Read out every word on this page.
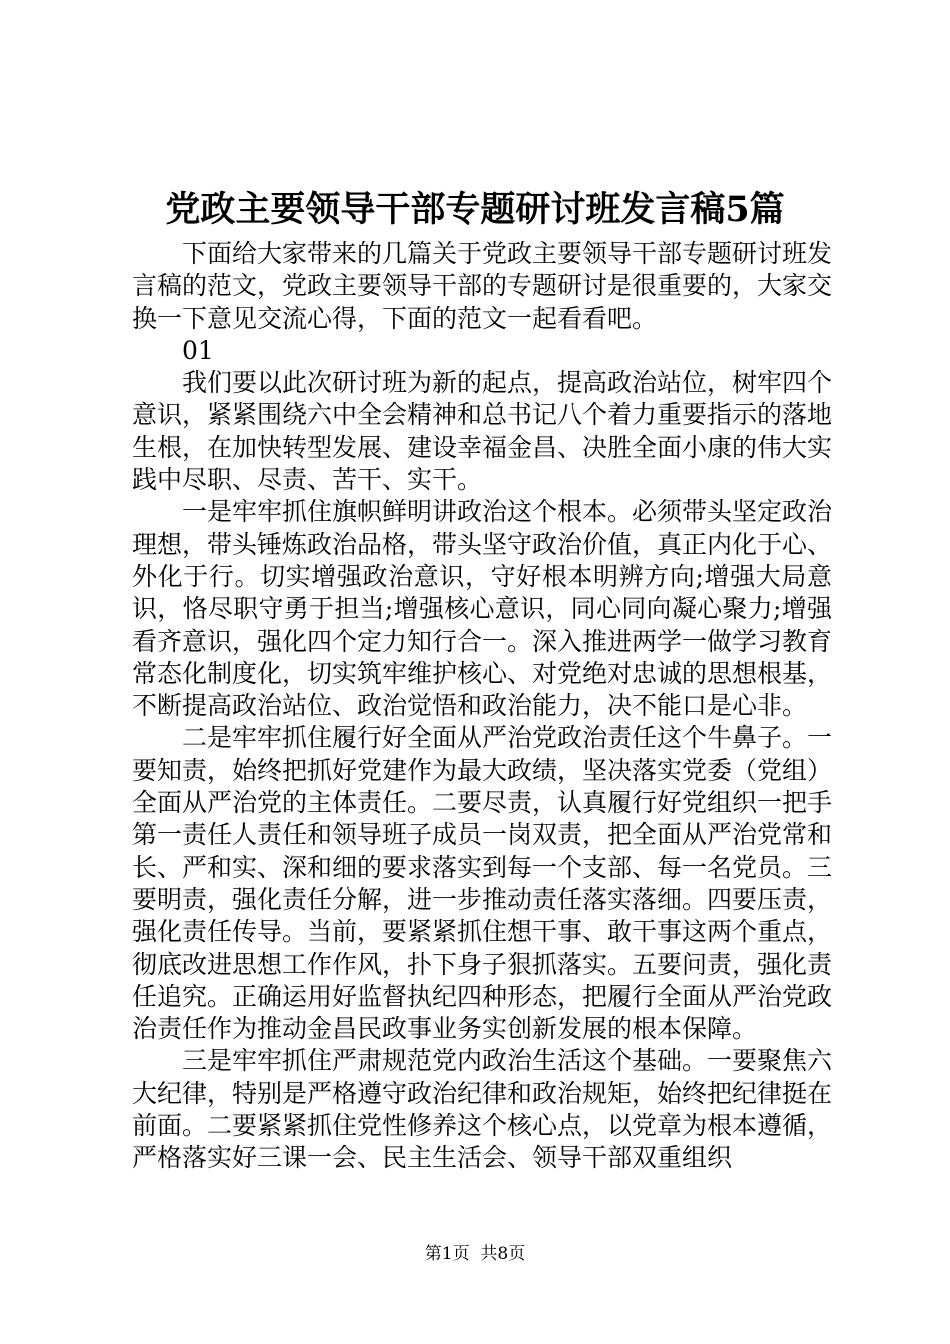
党政主要领导干部专题研讨班发言稿5篇

下面给大家带来的几篇关于党政主要领导干部专题研讨班发言稿的范文，党政主要领导干部的专题研讨是很重要的，大家交换一下意见交流心得，下面的范文一起看看吧。

01

我们要以此次研讨班为新的起点，提高政治站位，树牢四个意识，紧紧围绕六中全会精神和总书记八个着力重要指示的落地生根，在加快转型发展、建设幸福金昌、决胜全面小康的伟大实践中尽职、尽责、苦干、实干。

一是牢牢抓住旗帜鲜明讲政治这个根本。必须带头坚定政治理想，带头锤炼政治品格，带头坚守政治价值，真正内化于心、外化于行。切实增强政治意识，守好根本明辨方向;增强大局意识，恪尽职守勇于担当;增强核心意识，同心同向凝心聚力;增强看齐意识，强化四个定力知行合一。深入推进两学一做学习教育常态化制度化，切实筑牢维护核心、对党绝对忠诚的思想根基，不断提高政治站位、政治觉悟和政治能力，决不能口是心非。

二是牢牢抓住履行好全面从严治党政治责任这个牛鼻子。一要知责，始终把抓好党建作为最大政绩，坚决落实党委（党组）全面从严治党的主体责任。二要尽责，认真履行好党组织一把手第一责任人责任和领导班子成员一岗双责，把全面从严治党常和长、严和实、深和细的要求落实到每一个支部、每一名党员。三要明责，强化责任分解，进一步推动责任落实落细。四要压责，强化责任传导。当前，要紧紧抓住想干事、敢干事这两个重点，彻底改进思想工作作风，扑下身子狠抓落实。五要问责，强化责任追究。正确运用好监督执纪四种形态，把履行全面从严治党政治责任作为推动金昌民政事业务实创新发展的根本保障。

三是牢牢抓住严肃规范党内政治生活这个基础。一要聚焦六大纪律，特别是严格遵守政治纪律和政治规矩，始终把纪律挺在前面。二要紧紧抓住党性修养这个核心点，以党章为根本遵循，严格落实好三课一会、民主生活会、领导干部双重组织

第1页  共8页
